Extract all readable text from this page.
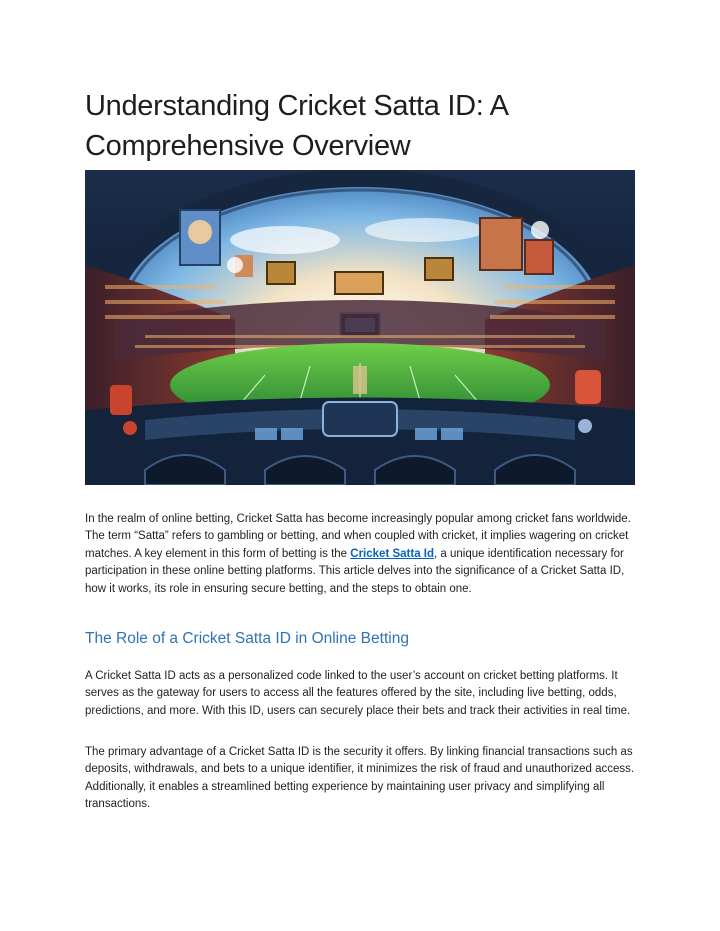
Understanding Cricket Satta ID: A Comprehensive Overview

In the realm of online betting, Cricket Satta has become increasingly popular among cricket fans worldwide. The term “Satta” refers to gambling or betting, and when coupled with cricket, it implies wagering on cricket matches. A key element in this form of betting is the Cricket Satta Id, a unique identification necessary for participation in these online betting platforms. This article delves into the significance of a Cricket Satta ID, how it works, its role in ensuring secure betting, and the steps to obtain one.

The Role of a Cricket Satta ID in Online Betting

A Cricket Satta ID acts as a personalized code linked to the user’s account on cricket betting platforms. It serves as the gateway for users to access all the features offered by the site, including live betting, odds, predictions, and more. With this ID, users can securely place their bets and track their activities in real time.

The primary advantage of a Cricket Satta ID is the security it offers. By linking financial transactions such as deposits, withdrawals, and bets to a unique identifier, it minimizes the risk of fraud and unauthorized access. Additionally, it enables a streamlined betting experience by maintaining user privacy and simplifying all transactions.
